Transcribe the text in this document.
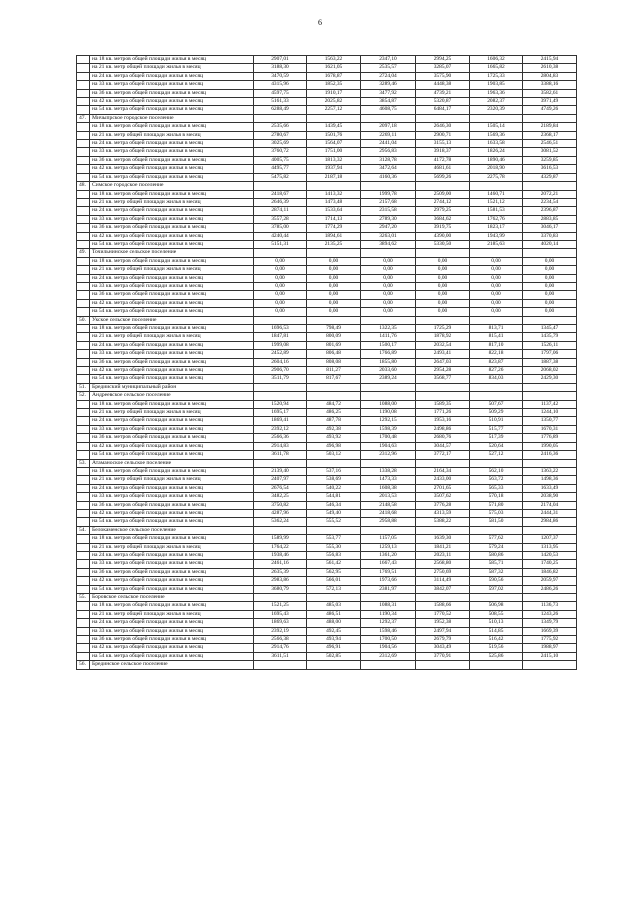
6
	на 18 кв. метров общей площади жилья в месяц	2907,01	1563,22	2347,10	2994,25	1606,32	2415,94
	на 21 кв. метр общей площади жилья в месяц	3188,30	1621,05	2535,57	3285,07	1665,82	2610,38
	на 24 кв. метра общей площади жилья в месяц	3470,59	1678,87	2724,04	3575,90	1725,33	2804,83
	на 33 кв. метра общей площади жилья в месяц	4315,96	1852,35	3289,46	4448,38	1903,85	3388,16
	на 36 кв. метров общей площади жилья в месяц	4597,75	1910,17	3477,92	4739,21	1963,36	3582,61
	на 42 кв. метра общей площади жилья в месяц	5161,33	2025,82	3854,87	5320,87	2082,37	3971,49
	на 54 кв. метра общей площади жилья в месяц	6288,49	2257,12	4608,75	6484,17	2320,39	4749,26
47.	Мичыпрское городское поселение						
	на 18 кв. метров общей площади жилья в месяц	2535,66	1439,45	2097,18	2646,30	1505,14	2189,84
	на 21 кв. метр общей площади жилья в месяц	2780,67	1501,76	2269,11	2900,71	1569,36	2368,17
	на 24 кв. метра общей площади жилья в месяц	3025,69	1564,07	2441,04	3155,13	1633,58	2546,51
	на 33 кв. метра общей площади жилья в месяц	3760,72	1751,00	2956,83	3918,37	1826,24	3081,52
	на 36 кв. метров общей площади жилья в месяц	4005,75	1813,32	3128,78	4172,78	1890,46	3259,85
	на 42 кв. метра общей площади жилья в месяц	4495,77	1937,94	3472,64	4681,61	2018,90	3616,53
	на 54 кв. метра общей площади жилья в месяц	5475,82	2187,18	4160,36	5699,26	2275,78	4329,87
48.	Симское городское поселение						
	на 18 кв. метров общей площади жилья в месяц	2418,67	1413,32	1999,78	2509,00	1460,71	2072,21
	на 21 кв. метр общей площади жилья в месяц	2646,39	1473,48	2157,68	2744,12	1521,12	2234,54
	на 24 кв. метра общей площади жилья в месяц	2874,11	1533,64	2315,58	2979,25	1581,53	2396,87
	на 33 кв. метра общей площади жилья в месяц	3557,28	1714,13	2789,30	3684,62	1762,76	2883,85
	на 36 кв. метров общей площади жилья в месяц	3785,00	1774,29	2947,20	3919,75	1823,17	3046,17
	на 42 кв. метра общей площади жилья в месяц	4240,44	1894,61	3263,01	4390,00	1943,99	3370,83
	на 54 кв. метра общей площади жилья в месяц	5151,31	2135,25	3894,62	5330,50	2185,63	4020,14
49.	Точильнинское сельское поселение						
	на 18 кв. метров общей площади жилья в месяц	0,00	0,00	0,00	0,00	0,00	0,00
	на 21 кв. метр общей площади жилья в месяц	0,00	0,00	0,00	0,00	0,00	0,00
	на 24 кв. метра общей площади жилья в месяц	0,00	0,00	0,00	0,00	0,00	0,00
	на 33 кв. метра общей площади жилья в месяц	0,00	0,00	0,00	0,00	0,00	0,00
	на 36 кв. метров общей площади жилья в месяц	0,00	0,00	0,00	0,00	0,00	0,00
	на 42 кв. метра общей площади жилья в месяц	0,00	0,00	0,00	0,00	0,00	0,00
	на 54 кв. метра общей площади жилья в месяц	0,00	0,00	0,00	0,00	0,00	0,00
50.	Укское сельское поселение						
	на 18 кв. метров общей площади жилья в месяц	1696,53	798,49	1322,35	1725,29	813,71	1345,47
	на 21 кв. метр общей площади жилья в месяц	1847,81	800,09	1411,76	1878,92	815,41	1435,79
	на 24 кв. метра общей площади жилья в месяц	1999,08	801,69	1500,17	2032,54	817,10	1526,11
	на 33 кв. метра общей площади жилья в месяц	2452,89	806,48	1766,89	2493,41	822,18	1797,06
	на 36 кв. метров общей площади жилья в месяц	2604,16	808,08	1855,80	2647,03	823,87	1887,38
	на 42 кв. метра общей площади жилья в месяц	2906,70	811,27	2033,60	2954,28	827,26	2068,02
	на 54 кв. метра общей площади жилья в месяц	3511,79	817,67	2389,24	3568,77	834,03	2429,30
51.	Бредииский муниципальный район						
52.	Андреевское сельское поселение						
	на 18 кв. метров общей площади жилья в месяц	1520,94	484,72	1088,00	1589,35	507,67	1137,42
	на 21 кв. метр общей площади жилья в месяц	1695,17	486,25	1190,08	1771,26	509,29	1244,10
	на 24 кв. метра общей площади жилья в месяц	1869,41	487,78	1292,15	1953,16	510,91	1350,77
	на 33 кв. метра общей площади жилья в месяц	2392,12	492,38	1598,39	2498,86	515,77	1670,31
	на 36 кв. метров общей площади жилья в месяц	2566,36	493,92	1700,48	2680,76	517,39	1776,89
	на 42 кв. метра общей площади жилья в месяц	2914,83	496,98	1904,63	3044,57	520,64	1990,05
	на 54 кв. метра общей площади жилья в месяц	3611,78	503,12	2312,96	3772,17	527,12	2416,36
53.	Атаманоское сельское поселение						
	на 18 кв. метров общей площади жилья в месяц	2139,40	537,16	1338,28	2164,34	562,10	1363,22
	на 21 кв. метр общей площади жилья в месяц	2407,97	538,69	1473,33	2433,00	563,72	1498,36
	на 24 кв. метра общей площади жилья в месяц	2676,54	540,22	1608,38	2701,65	565,33	1633,49
	на 33 кв. метра общей площади жилья в месяц	3482,25	544,81	2013,53	3507,62	570,18	2038,90
	на 36 кв. метров общей площади жилья в месяц	3750,82	546,34	2148,58	3776,28	571,80	2174,04
	на 42 кв. метра общей площади жилья в месяц	4287,96	549,40	2418,68	4313,59	575,03	2444,31
	на 54 кв. метра общей площади жилья в месяц	5362,24	555,52	2958,88	5388,22	581,50	2984,86
54.	Белокаменское сельское поселение						
	на 18 кв. метров общей площади жилья в месяц	1589,99	553,77	1157,05	1639,30	577,62	1207,37
	на 21 кв. метр общей площади жилья в месяц	1764,22	555,30	1259,13	1841,21	579,24	1313,95
	на 24 кв. метра общей площади жилья в месяц	1938,46	556,83	1361,20	2023,11	580,86	1420,53
	на 33 кв. метра общей площади жилья в месяц	2461,16	561,42	1667,43	2568,80	585,71	1740,25
	на 36 кв. метров общей площади жилья в месяц	2635,39	562,95	1769,51	2750,69	587,32	1846,82
	на 42 кв. метра общей площади жилья в месяц	2983,86	566,01	1973,66	3114,49	590,56	2059,97
	на 54 кв. метра общей площади жилья в месяц	3680,79	572,13	2381,97	3842,07	597,02	2486,26
55.	Боровское сельское поселение						
	на 18 кв. метров общей площади жилья в месяц	1521,25	485,03	1088,31	1588,66	506,98	1136,73
	на 21 кв. метр общей площади жилья в месяц	1695,43	486,51	1190,34	1770,52	508,55	1243,26
	на 24 кв. метра общей площади жилья в месяц	1869,63	488,00	1292,37	1952,38	510,13	1349,79
	на 33 кв. метра общей площади жилья в месяц	2392,19	492,45	1598,46	2497,94	514,85	1669,39
	на 36 кв. метров общей площади жилья в месяц	2566,38	493,94	1700,50	2679,79	516,42	1775,92
	на 42 кв. метра общей площади жилья в месяц	2914,76	496,91	1904,56	3043,49	519,56	1988,97
	на 54 кв. метра общей площади жилья в месяц	3611,51	502,85	2312,69	3770,91	525,86	2415,10
56.	Брединское сельское поселение						
